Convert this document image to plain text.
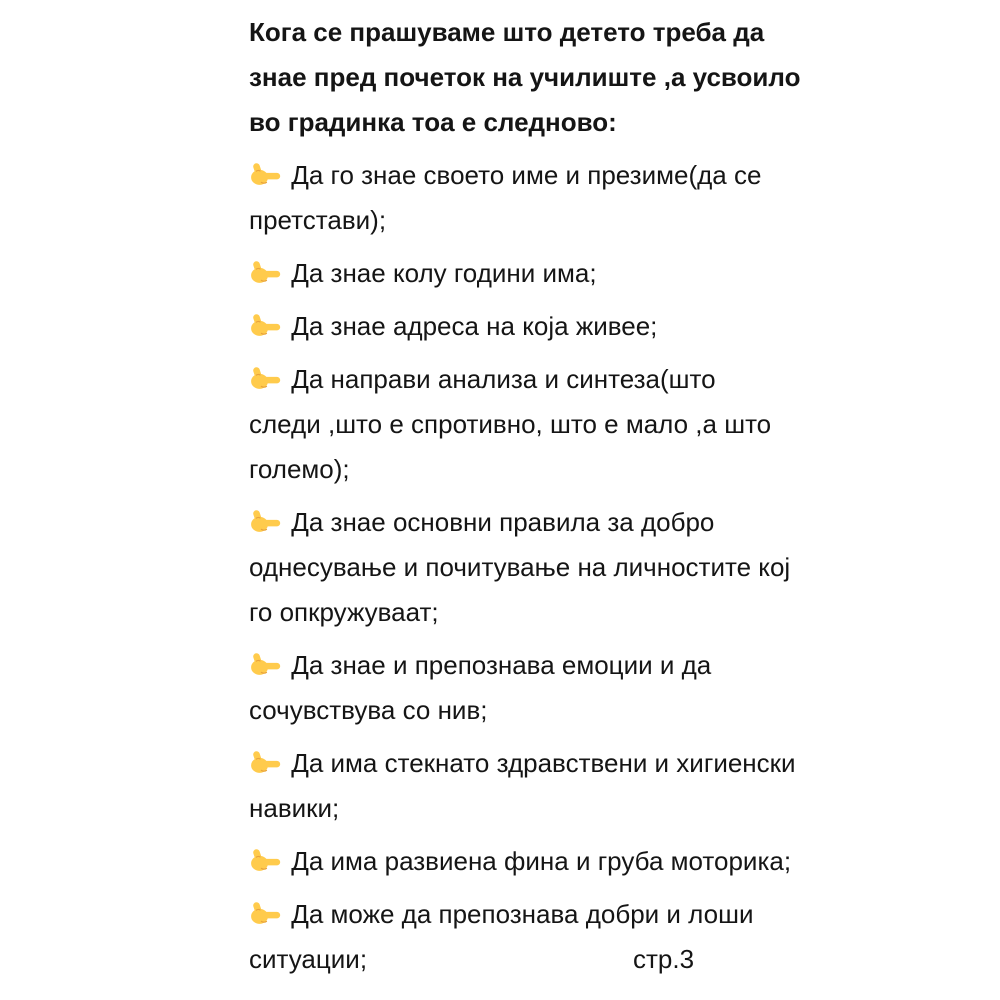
Кога се прашуваме што детето треба да
знае пред почеток на училиште ,а усвоило
во градинка тоа е следново:
Да го знае своето име и презиме(да се
претстави);
Да знае колу години има;
Да знае адреса на која живее;
Да направи анализа и синтеза(што
следи ,што е спротивно, што е мало ,а што
големо);
Да знае основни правила за добро
однесување и почитување на личностите кој
го опкружуваат;
Да знае и препознава емоции и да
сочувствува со нив;
Да има стекнато здравствени и хигиенски
навики;
Да има развиена фина и груба моторика;
Да може да препознава добри и лоши
ситуации;	стр.3
